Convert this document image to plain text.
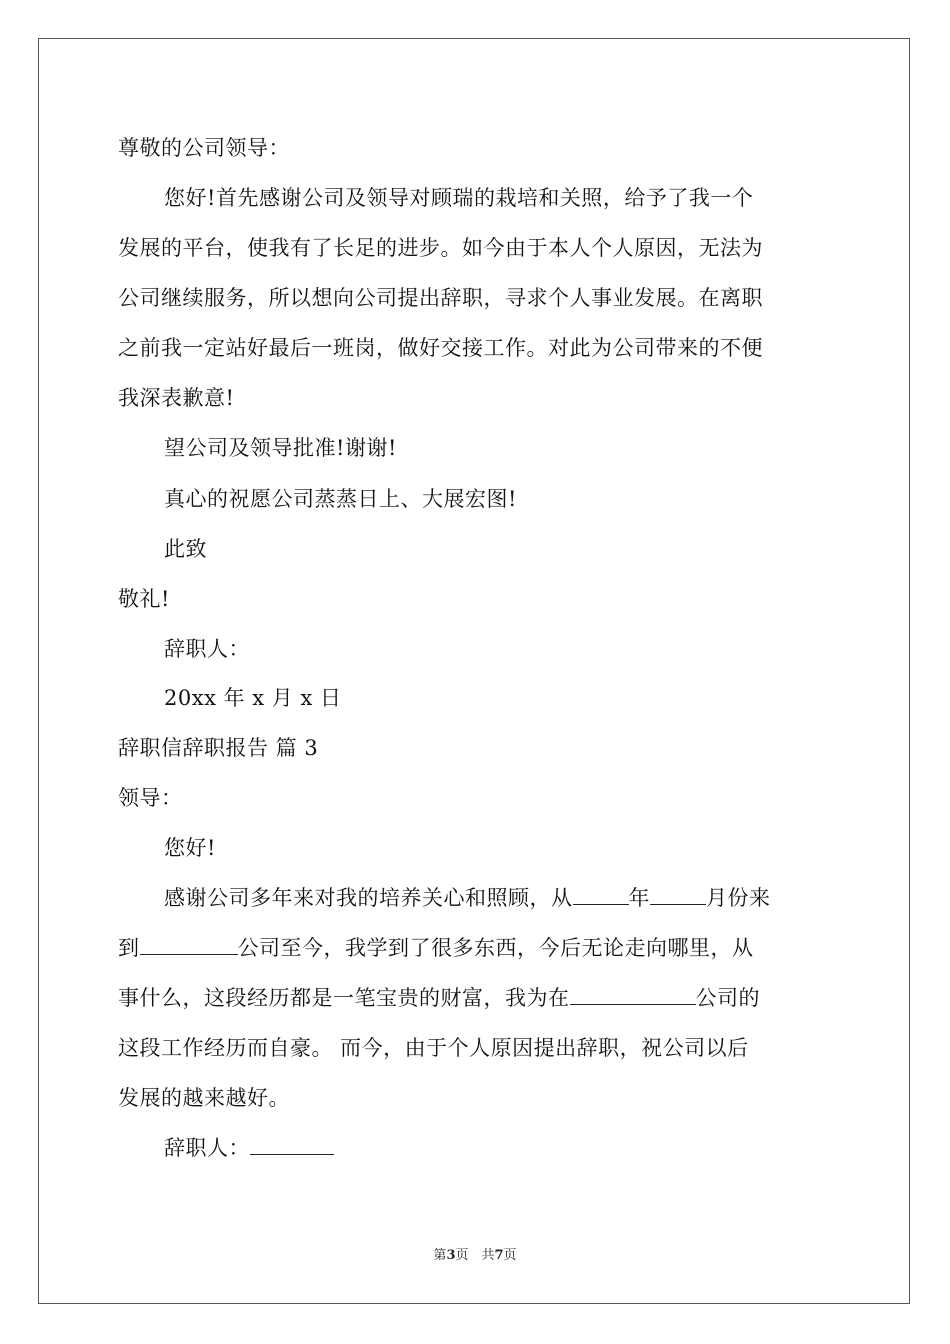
尊敬的公司领导：
您好!首先感谢公司及领导对顾瑞的栽培和关照，给予了我一个
发展的平台，使我有了长足的进步。如今由于本人个人原因，无法为
公司继续服务，所以想向公司提出辞职，寻求个人事业发展。在离职
之前我一定站好最后一班岗，做好交接工作。对此为公司带来的不便
我深表歉意!
望公司及领导批准!谢谢!
真心的祝愿公司蒸蒸日上、大展宏图!
此致
敬礼!
辞职人：
20xx 年 x 月 x 日
辞职信辞职报告 篇 3
领导：
您好!
感谢公司多年来对我的培养关心和照顾，从	年	月份来
到	公司至今，我学到了很多东西，今后无论走向哪里，从
事什么，这段经历都是一笔宝贵的财富，我为在	公司的
这段工作经历而自豪。 而今，由于个人原因提出辞职，祝公司以后
发展的越来越好。
辞职人：
第3页　共7页
